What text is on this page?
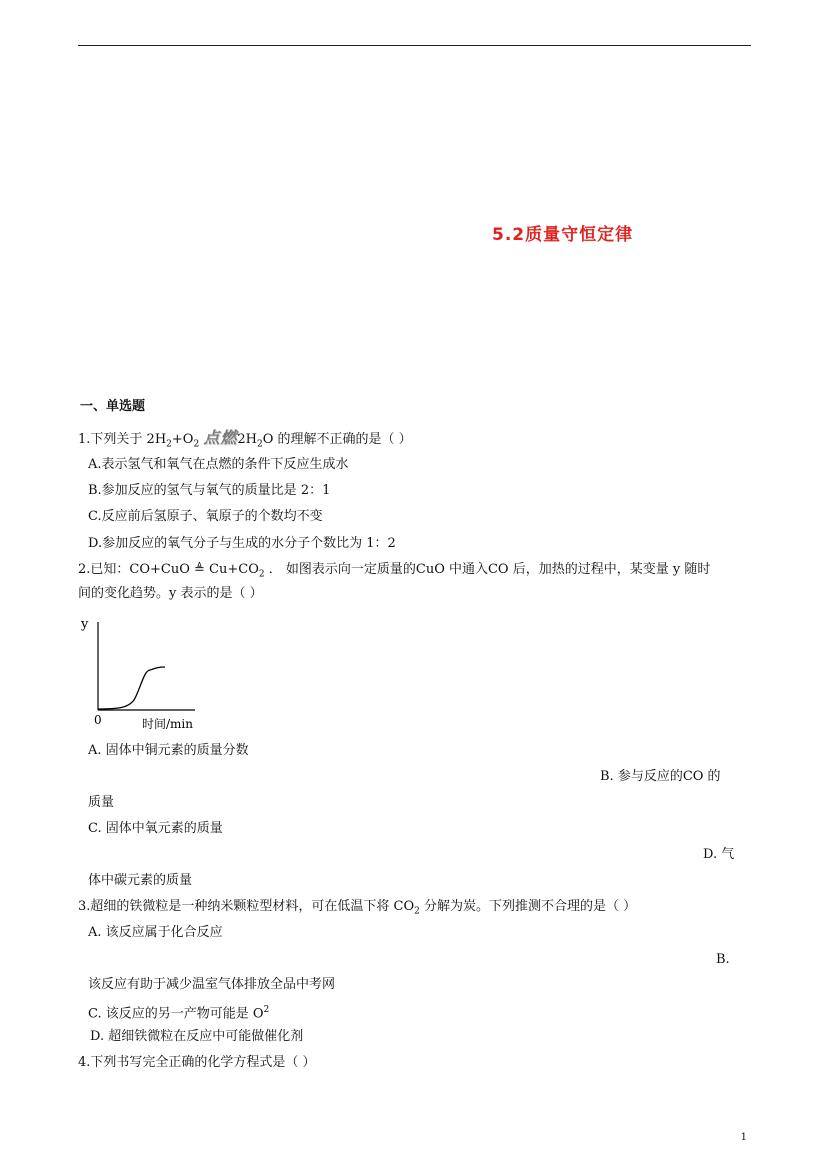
5.2质量守恒定律
一、单选题
1.下列关于 $2H_2+O_2$ 点燃$2H_2O$ 的理解不正确的是（ ）
A.表示氢气和氧气在点燃的条件下反应生成水
B.参加反应的氢气与氧气的质量比是 2：1
C.反应前后氢原子、氧原子的个数均不变
D.参加反应的氧气分子与生成的水分子个数比为 1：2
2.已知：CO+CuO ≜ $Cu+CO_2$ ． 如图表示向一定质量的CuO 中通入CO 后，加热的过程中，某变量 y 随时
间的变化趋势。y 表示的是（ ）
y
0	时间/min
A. 固体中铜元素的质量分数
B. 参与反应的CO 的
质量
C. 固体中氧元素的质量
D. 气
体中碳元素的质量
3.超细的铁微粒是一种纳米颗粒型材料，可在低温下将 $CO_2$ 分解为炭。下列推测不合理的是（ ）
A. 该反应属于化合反应
B.
该反应有助于减少温室气体排放全品中考网
C. 该反应的另一产物可能是 $O^2$
D. 超细铁微粒在反应中可能做催化剂
4.下列书写完全正确的化学方程式是（ ）
1
